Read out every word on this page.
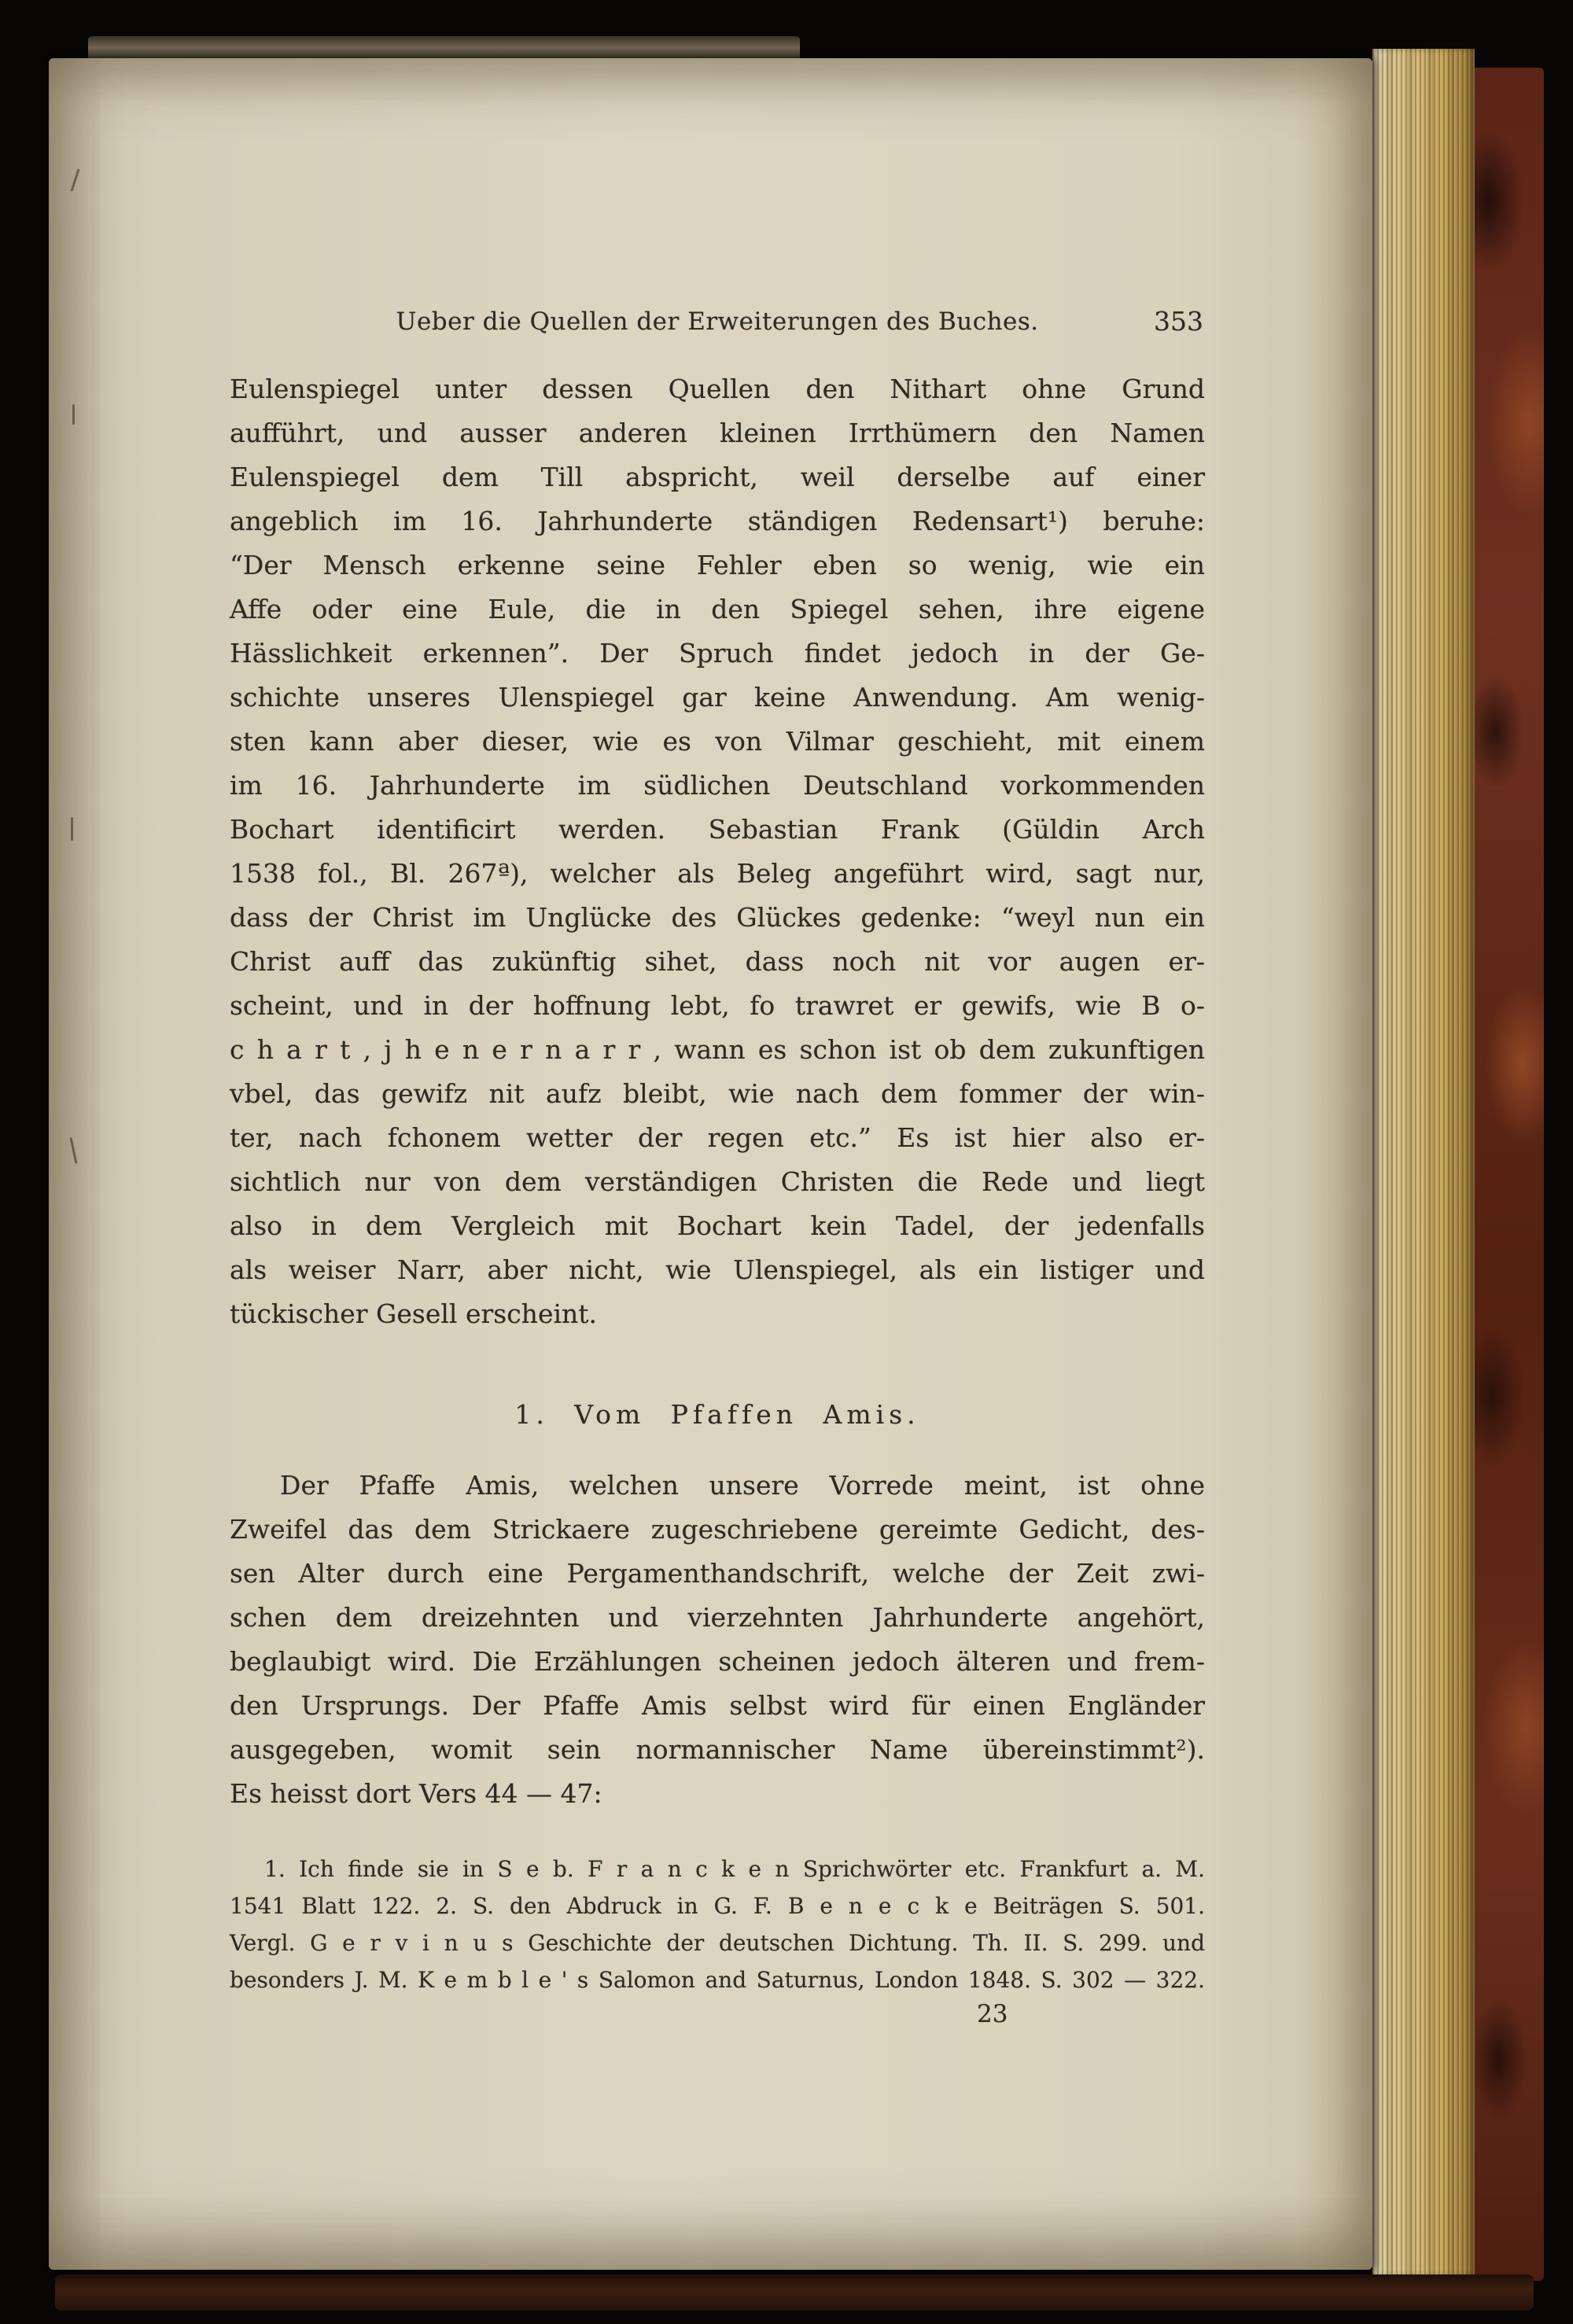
Ueber die Quellen der Erweiterungen des Buches.	353
Eulenspiegel unter dessen Quellen den Nithart ohne Grund
aufführt, und ausser anderen kleinen Irrthümern den Namen
Eulenspiegel dem Till abspricht, weil derselbe auf einer
angeblich im 16. Jahrhunderte ständigen Redensart¹) beruhe:
“Der Mensch erkenne seine Fehler eben so wenig, wie ein
Affe oder eine Eule, die in den Spiegel sehen, ihre eigene
Hässlichkeit erkennen”. Der Spruch findet jedoch in der Ge-
schichte unseres Ulenspiegel gar keine Anwendung. Am wenig-
sten kann aber dieser, wie es von Vilmar geschieht, mit einem
im 16. Jahrhunderte im südlichen Deutschland vorkommenden
Bochart identificirt werden. Sebastian Frank (Güldin Arch
1538 fol., Bl. 267ª), welcher als Beleg angeführt wird, sagt nur,
dass der Christ im Unglücke des Glückes gedenke: “weyl nun ein
Christ auff das zukünftig sihet, dass noch nit vor augen er-
scheint, und in der hoffnung lebt, fo trawret er gewifs, wie B o-
c h a r t , j h e n e r n a r r , wann es schon ist ob dem zukunftigen
vbel, das gewifz nit aufz bleibt, wie nach dem fommer der win-
ter, nach fchonem wetter der regen etc.” Es ist hier also er-
sichtlich nur von dem verständigen Christen die Rede und liegt
also in dem Vergleich mit Bochart kein Tadel, der jedenfalls
als weiser Narr, aber nicht, wie Ulenspiegel, als ein listiger und
tückischer Gesell erscheint.
1. Vom Pfaffen Amis.
Der Pfaffe Amis, welchen unsere Vorrede meint, ist ohne
Zweifel das dem Strickaere zugeschriebene gereimte Gedicht, des-
sen Alter durch eine Pergamenthandschrift, welche der Zeit zwi-
schen dem dreizehnten und vierzehnten Jahrhunderte angehört,
beglaubigt wird. Die Erzählungen scheinen jedoch älteren und frem-
den Ursprungs. Der Pfaffe Amis selbst wird für einen Engländer
ausgegeben, womit sein normannischer Name übereinstimmt²).
Es heisst dort Vers 44 — 47:
1. Ich finde sie in S e b. F r a n c k e n Sprichwörter etc. Frankfurt a. M.
1541 Blatt 122. 2. S. den Abdruck in G. F. B e n e c k e Beiträgen S. 501.
Vergl. G e r v i n u s Geschichte der deutschen Dichtung. Th. II. S. 299. und
besonders J. M. K e m b l e ' s Salomon and Saturnus, London 1848. S. 302 — 322.
23
